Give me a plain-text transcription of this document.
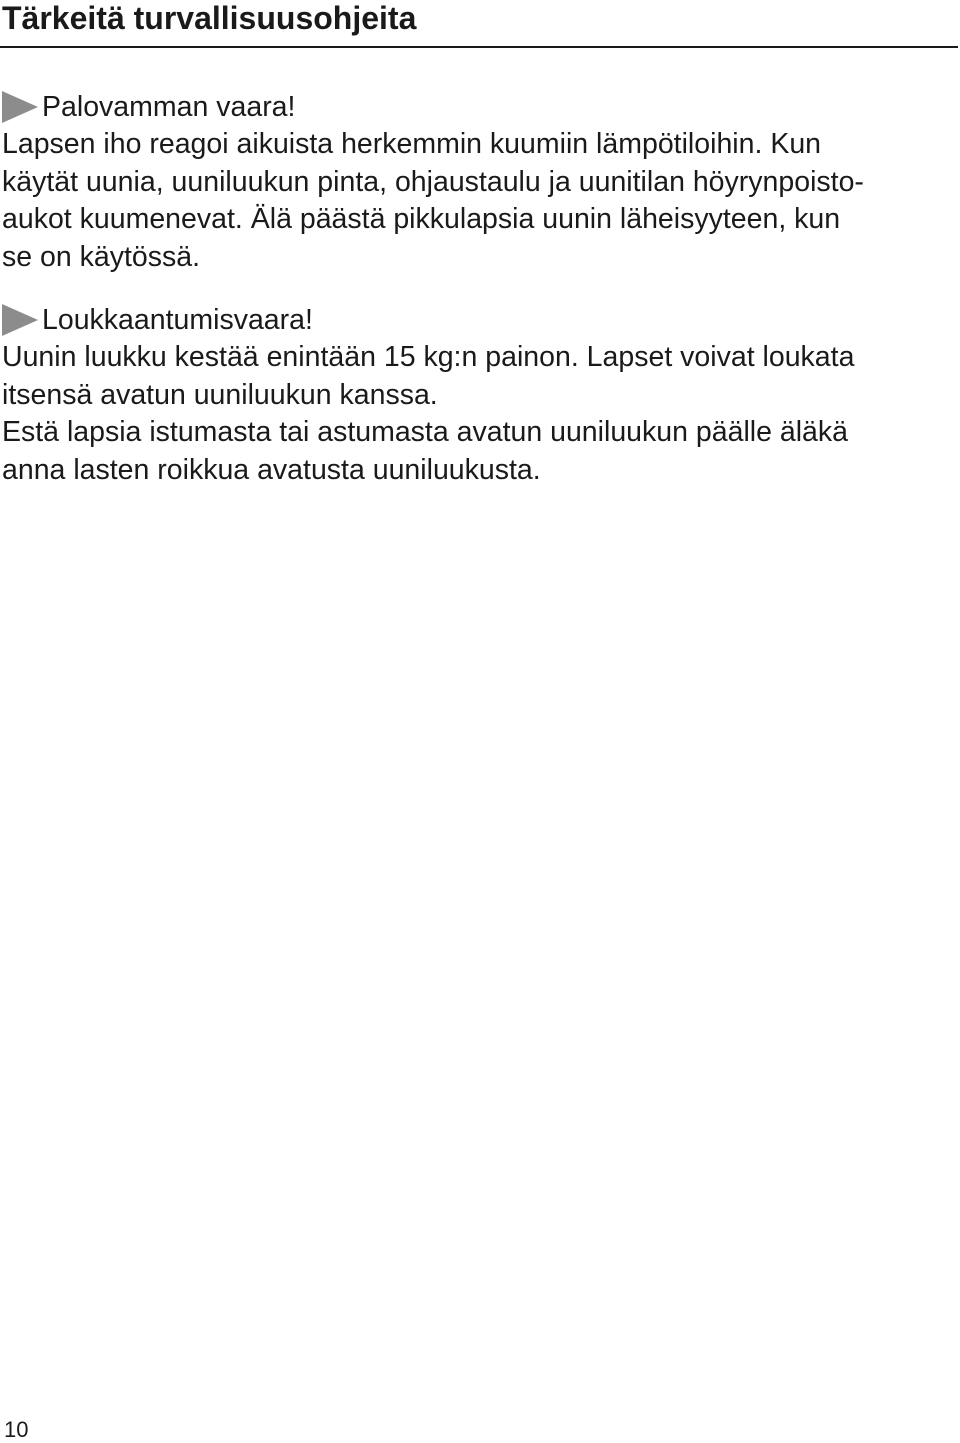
Tärkeitä turvallisuusohjeita
Palovamman vaara!

Lapsen iho reagoi aikuista herkemmin kuumiin lämpötiloihin. Kun
käytät uunia, uuniluukun pinta, ohjaustaulu ja uunitilan höyrynpoisto-
aukot kuumenevat. Älä päästä pikkulapsia uunin läheisyyteen, kun
se on käytössä.

Loukkaantumisvaara!

Uunin luukku kestää enintään 15 kg:n painon. Lapset voivat loukata
itsensä avatun uuniluukun kanssa.
Estä lapsia istumasta tai astumasta avatun uuniluukun päälle äläkä
anna lasten roikkua avatusta uuniluukusta.

10
